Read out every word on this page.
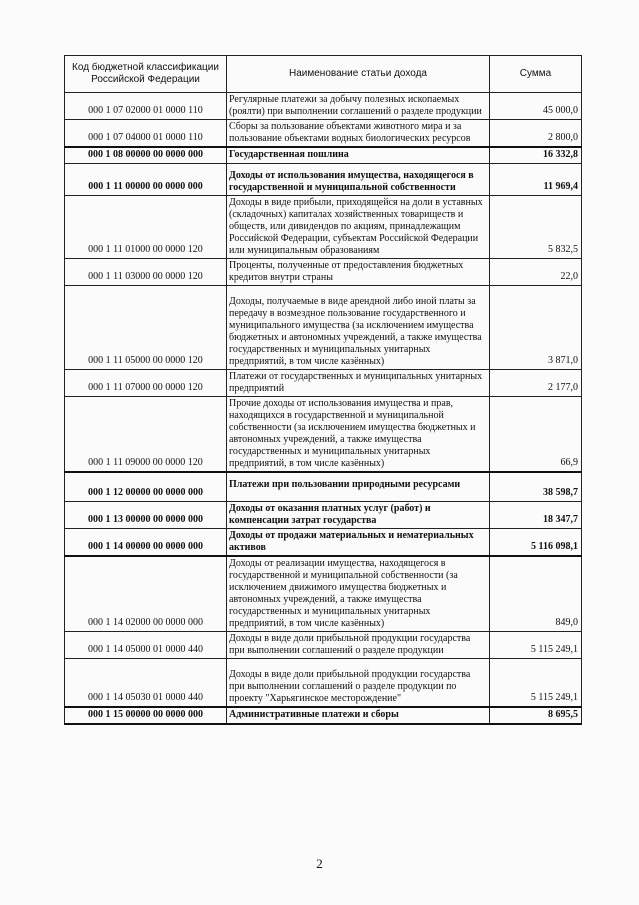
Код бюджетной классификации Российской Федерации	Наименование статьи дохода	Сумма
000 1 07 02000 01 0000 110	Регулярные платежи за добычу полезных ископаемых (роялти) при выполнении соглашений о разделе продукции	45 000,0
000 1 07 04000 01 0000 110	Сборы за пользование объектами животного мира и за пользование объектами водных биологических ресурсов	2 800,0
000 1 08 00000 00 0000 000	Государственная пошлина	16 332,8
000 1 11 00000 00 0000 000	Доходы от использования имущества, находящегося в государственной и муниципальной собственности	11 969,4
000 1 11 01000 00 0000 120	Доходы в виде прибыли, приходящейся на доли в уставных (складочных) капиталах хозяйственных товариществ и обществ, или дивидендов по акциям, принадлежащим Российской Федерации, субъектам Российской Федерации или муниципальным образованиям	5 832,5
000 1 11 03000 00 0000 120	Проценты, полученные от предоставления бюджетных кредитов внутри страны	22,0
000 1 11 05000 00 0000 120	Доходы, получаемые в виде арендной либо иной платы за передачу в возмездное пользование государственного и муниципального имущества (за исключением имущества бюджетных и автономных учреждений, а также имущества государственных и муниципальных унитарных предприятий, в том числе казённых)	3 871,0
000 1 11 07000 00 0000 120	Платежи от государственных и муниципальных унитарных предприятий	2 177,0
000 1 11 09000 00 0000 120	Прочие доходы от использования имущества и прав, находящихся в государственной и муниципальной собственности (за исключением имущества бюджетных и автономных учреждений, а также имущества государственных и муниципальных унитарных предприятий, в том числе казённых)	66,9
000 1 12 00000 00 0000 000	Платежи при пользовании природными ресурсами	38 598,7
000 1 13 00000 00 0000 000	Доходы от оказания платных услуг (работ) и компенсации затрат государства	18 347,7
000 1 14 00000 00 0000 000	Доходы от продажи материальных и нематериальных активов	5 116 098,1
000 1 14 02000 00 0000 000	Доходы от реализации имущества, находящегося в государственной и муниципальной собственности (за исключением движимого имущества бюджетных и автономных учреждений, а также имущества государственных и муниципальных унитарных предприятий, в том числе казённых)	849,0
000 1 14 05000 01 0000 440	Доходы в виде доли прибыльной продукции государства при выполнении соглашений о разделе продукции	5 115 249,1
000 1 14 05030 01 0000 440	Доходы в виде доли прибыльной продукции государства при выполнении соглашений о разделе продукции по проекту "Харьягинское месторождение"	5 115 249,1
000 1 15 00000 00 0000 000	Административные платежи и сборы	8 695,5
2
